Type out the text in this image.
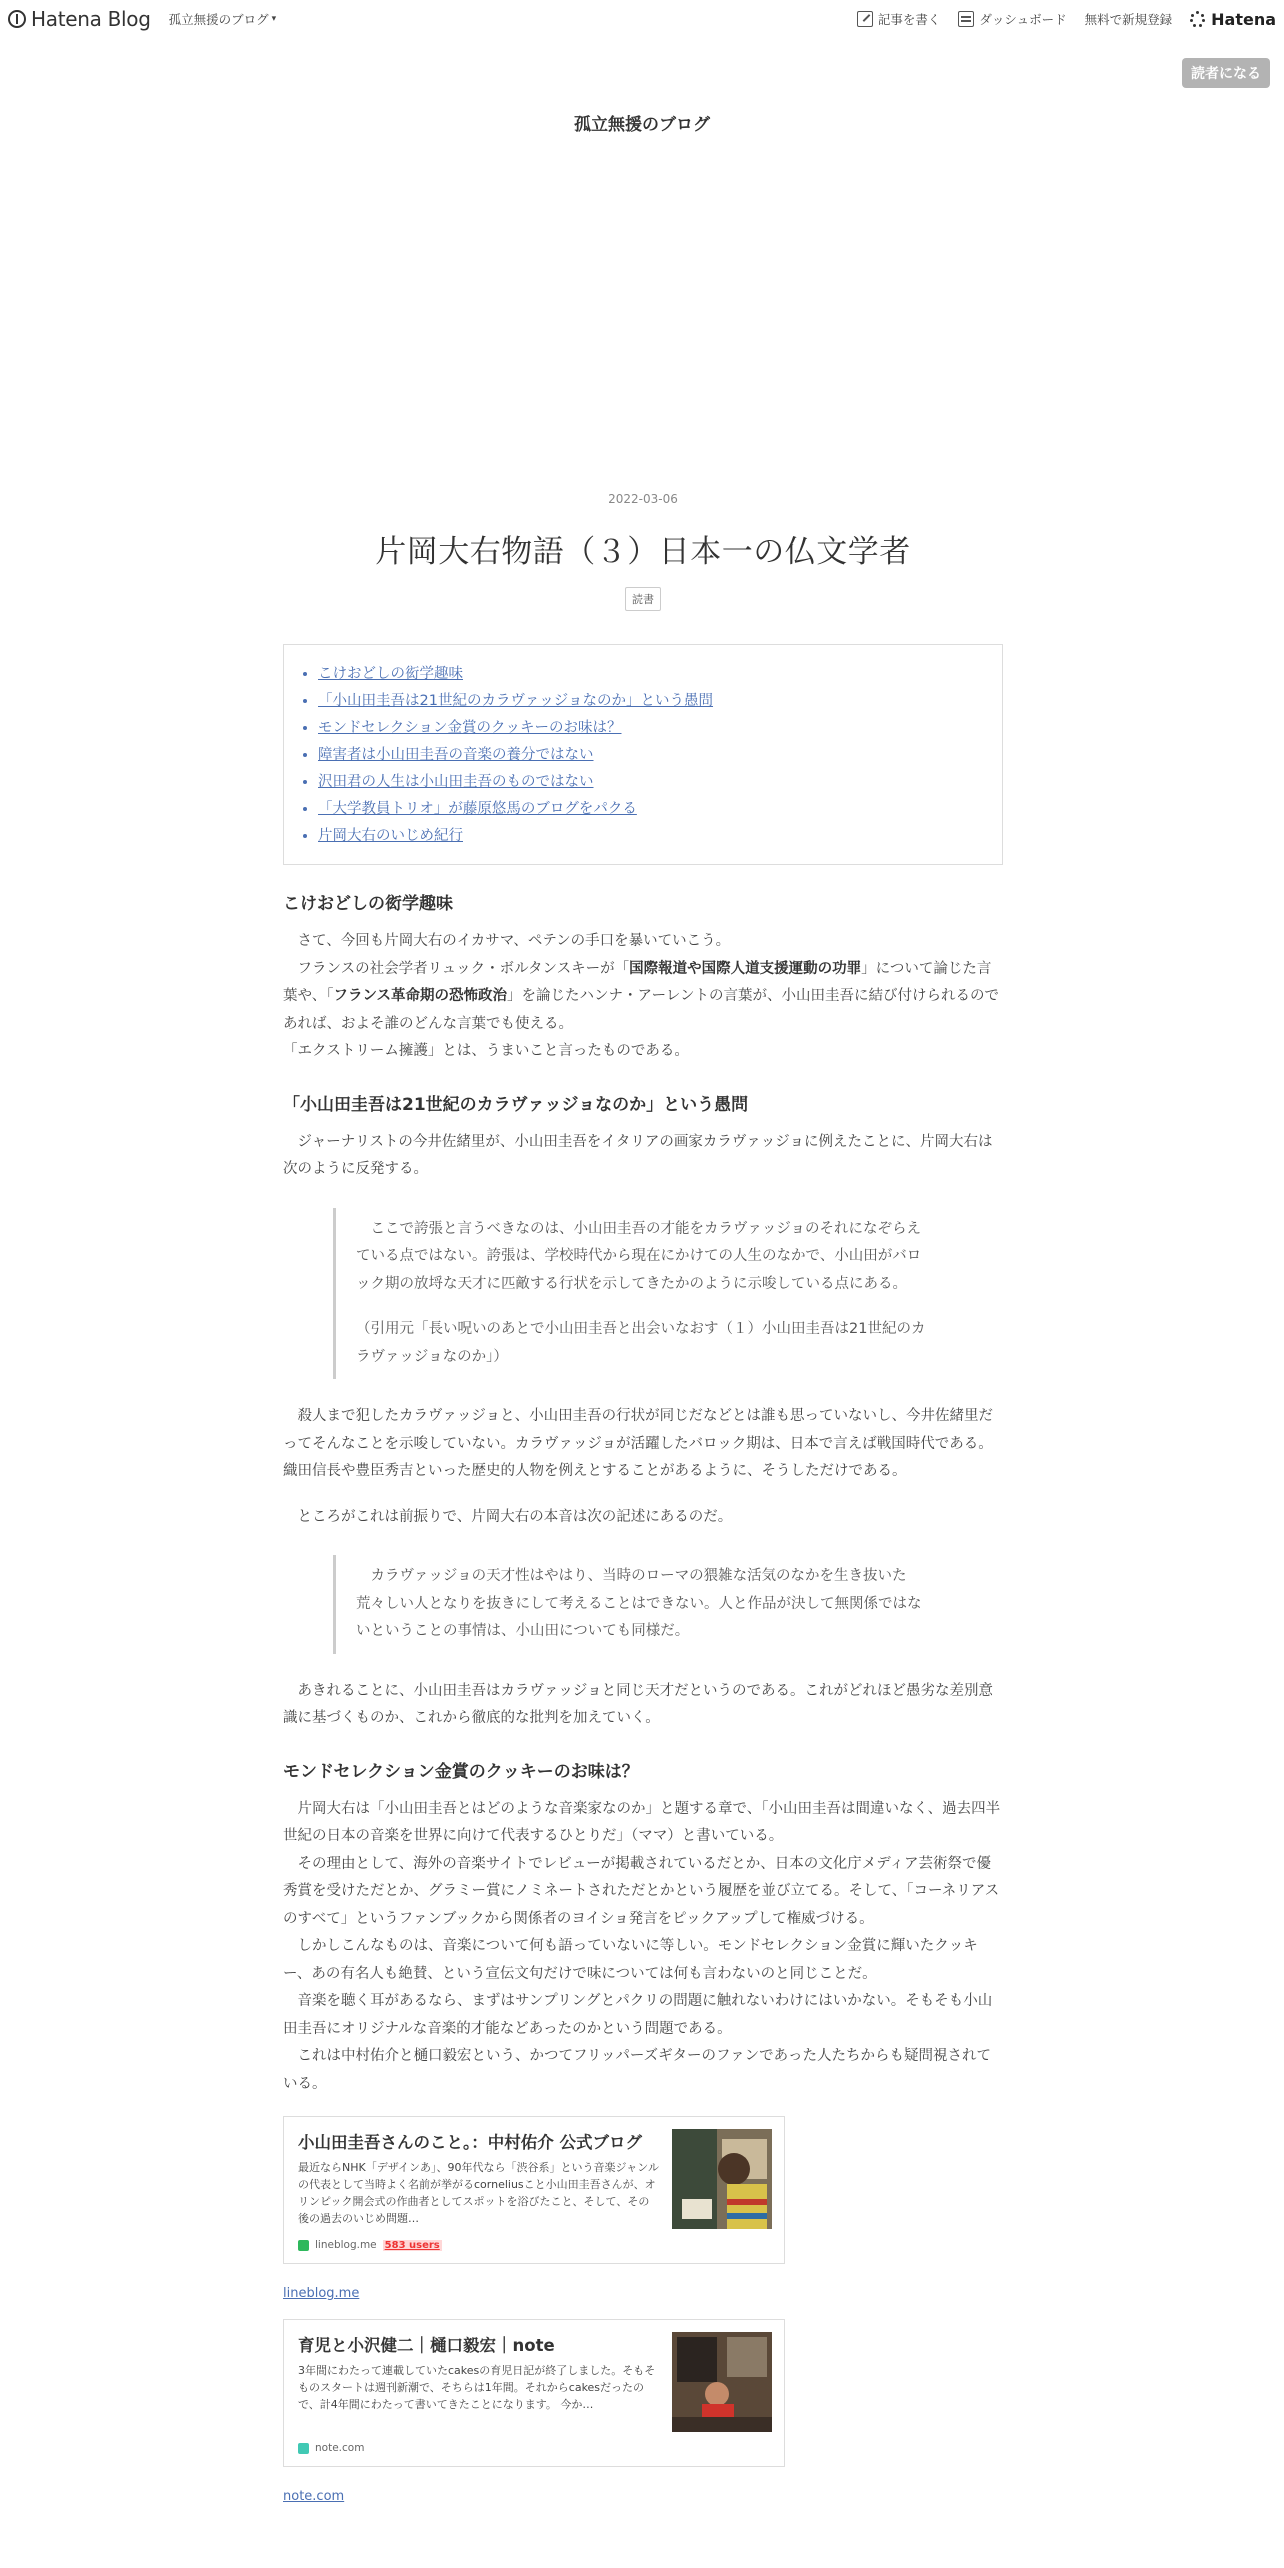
Hatena Blog 孤立無援のブログ ▾	記事を書く	ダッシュボード 無料で新規登録 Hatena
読者になる
孤立無援のブログ
2022-03-06
片岡大右物語（３）日本一の仏文学者
読書
• こけおどしの衒学趣味
• 「小山田圭吾は21世紀のカラヴァッジョなのか」という愚問
• モンドセレクション金賞のクッキーのお味は？
• 障害者は小山田圭吾の音楽の養分ではない
• 沢田君の人生は小山田圭吾のものではない
• 「大学教員トリオ」が藤原悠馬のブログをパクる
• 片岡大右のいじめ紀行
こけおどしの衒学趣味

　さて、今回も片岡大右のイカサマ、ペテンの手口を暴いていこう。

　フランスの社会学者リュック・ボルタンスキーが「国際報道や国際人道支援運動の功罪」について論じた言葉や、「フランス革命期の恐怖政治」を論じたハンナ・アーレントの言葉が、小山田圭吾に結び付けられるのであれば、およそ誰のどんな言葉でも使える。

「エクストリーム擁護」とは、うまいこと言ったものである。

「小山田圭吾は21世紀のカラヴァッジョなのか」という愚問

　ジャーナリストの今井佐緒里が、小山田圭吾をイタリアの画家カラヴァッジョに例えたことに、片岡大右は次のように反発する。

　ここで誇張と言うべきなのは、小山田圭吾の才能をカラヴァッジョのそれになぞらえている点ではない。誇張は、学校時代から現在にかけての人生のなかで、小山田がバロック期の放埒な天才に匹敵する行状を示してきたかのように示唆している点にある。

（引用元「長い呪いのあとで小山田圭吾と出会いなおす（１）小山田圭吾は21世紀のカラヴァッジョなのか」）

　殺人まで犯したカラヴァッジョと、小山田圭吾の行状が同じだなどとは誰も思っていないし、今井佐緒里だってそんなことを示唆していない。カラヴァッジョが活躍したバロック期は、日本で言えば戦国時代である。織田信長や豊臣秀吉といった歴史的人物を例えとすることがあるように、そうしただけである。

　ところがこれは前振りで、片岡大右の本音は次の記述にあるのだ。

　カラヴァッジョの天才性はやはり、当時のローマの猥雑な活気のなかを生き抜いた荒々しい人となりを抜きにして考えることはできない。人と作品が決して無関係ではないということの事情は、小山田についても同様だ。

　あきれることに、小山田圭吾はカラヴァッジョと同じ天才だというのである。これがどれほど愚劣な差別意識に基づくものか、これから徹底的な批判を加えていく。

モンドセレクション金賞のクッキーのお味は？

　片岡大右は「小山田圭吾とはどのような音楽家なのか」と題する章で、「小山田圭吾は間違いなく、過去四半世紀の日本の音楽を世界に向けて代表するひとりだ」（ママ）と書いている。

　その理由として、海外の音楽サイトでレビューが掲載されているだとか、日本の文化庁メディア芸術祭で優秀賞を受けただとか、グラミー賞にノミネートされただとかという履歴を並び立てる。そして、「コーネリアスのすべて」というファンブックから関係者のヨイショ発言をピックアップして権威づける。

　しかしこんなものは、音楽について何も語っていないに等しい。モンドセレクション金賞に輝いたクッキー、あの有名人も絶賛、という宣伝文句だけで味については何も言わないのと同じことだ。

　音楽を聴く耳があるなら、まずはサンプリングとパクリの問題に触れないわけにはいかない。そもそも小山田圭吾にオリジナルな音楽的才能などあったのかという問題である。

　これは中村佑介と樋口毅宏という、かつてフリッパーズギターのファンであった人たちからも疑問視されている。

小山田圭吾さんのこと。：中村佑介 公式ブログ
最近ならNHK「デザインあ」、90年代なら「渋谷系」という音楽ジャンルの代表として当時よく名前が挙がるcorneliusこと小山田圭吾さんが、オリンピック開会式の作曲者としてスポットを浴びたこと、そして、その後の過去のいじめ問題…
lineblog.me 583 users
lineblog.me
育児と小沢健二｜樋口毅宏｜note
3年間にわたって連載していたcakesの育児日記が終了しました。そもそものスタートは週刊新潮で、そちらは1年間。それからcakesだったので、計4年間にわたって書いてきたことになります。 今か…
note.com
note.com
